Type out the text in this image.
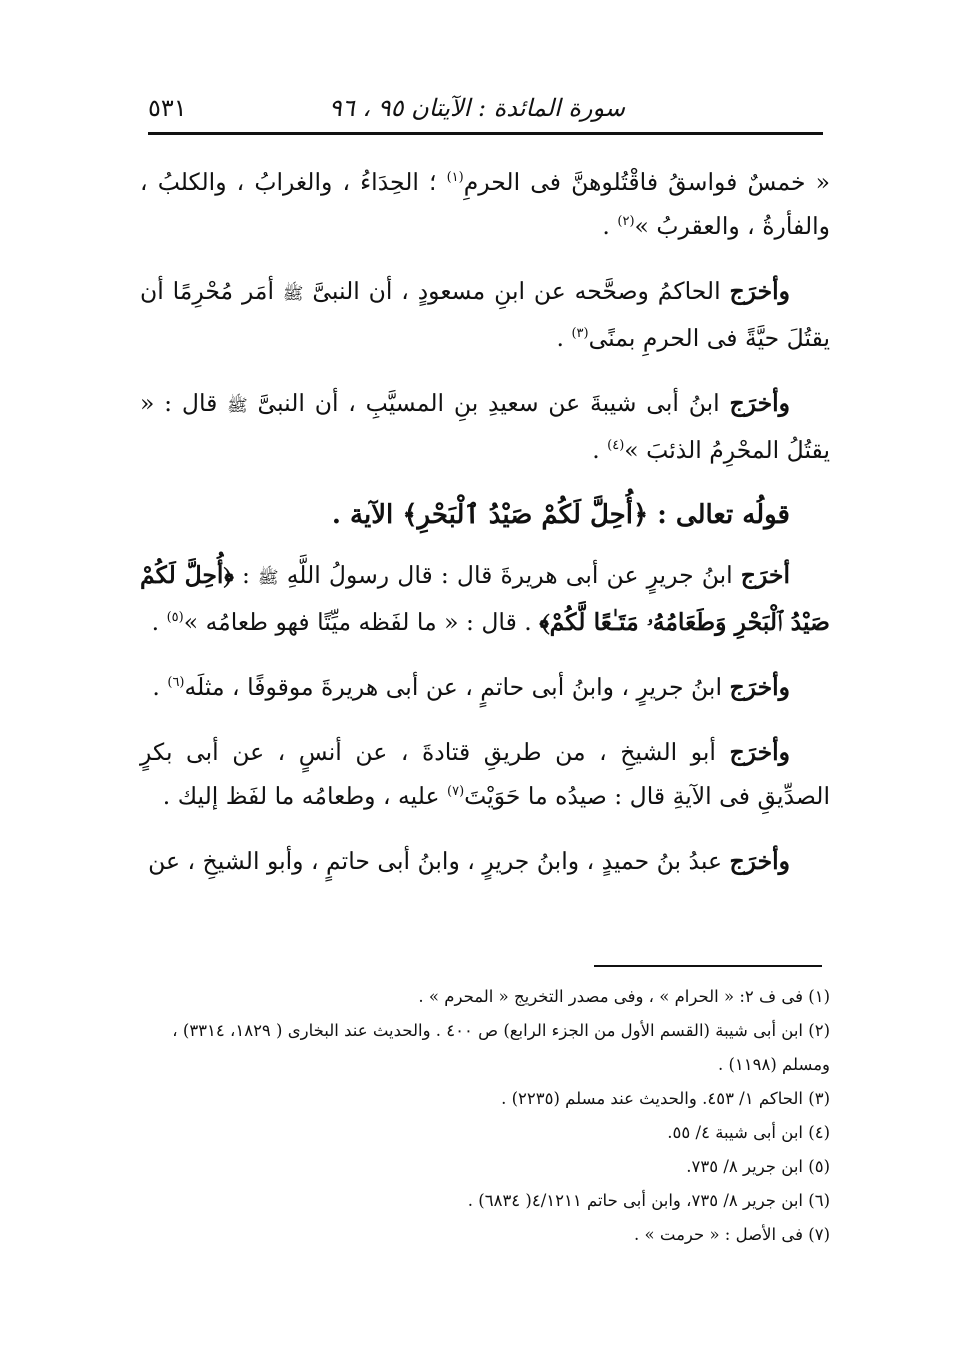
سورة المائدة : الآيتان ٩٥ ، ٩٦
٥٣١

« خمسٌ فواسقُ فاقْتُلوهنَّ فى الحرمِ$^{(١)}$ ؛ الحِدَاءُ ، والغرابُ ، والكلبُ ، والفأرةُ ، والعقربُ »$^{(٢)}$ .

وأخرَج الحاكمُ وصحَّحه عن ابنِ مسعودٍ ، أن النبىَّ ﷺ أمَر مُحْرِمًا أن يقتُلَ حيَّةً فى الحرمِ بمنًى$^{(٣)}$ .

وأخرَج ابنُ أبى شيبةَ عن سعيدِ بنِ المسيَّبِ ، أن النبىَّ ﷺ قال : « يقتُلُ المحْرِمُ الذئبَ »$^{(٤)}$ .

قولُه تعالى : ﴿أُحِلَّ لَكُمْ صَيْدُ ٱلْبَحْرِ﴾ الآية .

أخرَج ابنُ جريرٍ عن أبى هريرةَ قال : قال رسولُ اللَّهِ ﷺ : ﴿أُحِلَّ لَكُمْ صَيْدُ ٱلْبَحْرِ وَطَعَامُهُۥ مَتَـٰعًا لَّكُمْ﴾ . قال : « ما لفَظه ميِّتًا فهو طعامُه »$^{(٥)}$ .

وأخرَج ابنُ جريرٍ ، وابنُ أبى حاتمٍ ، عن أبى هريرةَ موقوفًا ، مثلَه$^{(٦)}$ .

وأخرَج أبو الشيخِ ، من طريقِ قتادةَ ، عن أنسٍ ، عن أبى بكرٍ الصدِّيقِ فى الآيةِ قال : صيدُه ما حَوَيْتَ$^{(٧)}$ عليه ، وطعامُه ما لفَظ إليك .

وأخرَج عبدُ بنُ حميدٍ ، وابنُ جريرٍ ، وابنُ أبى حاتمٍ ، وأبو الشيخِ ، عن

(١) فى ف ٢: « الحرام » ، وفى مصدر التخريج « المحرم » .

(٢) ابن أبى شيبة (القسم الأول من الجزء الرابع) ص ٤٠٠ . والحديث عند البخارى ( ١٨٢٩، ٣٣١٤) ، ومسلم (١١٩٨) .

(٣) الحاكم ١/ ٤٥٣. والحديث عند مسلم (٢٢٣٥) .

(٤) ابن أبى شيبة ٤/ ٥٥.

(٥) ابن جرير ٨/ ٧٣٥.

(٦) ابن جرير ٨/ ٧٣٥، وابن أبى حاتم ٤/١٢١١( ٦٨٣٤) .

(٧) فى الأصل : « حرمت » .
